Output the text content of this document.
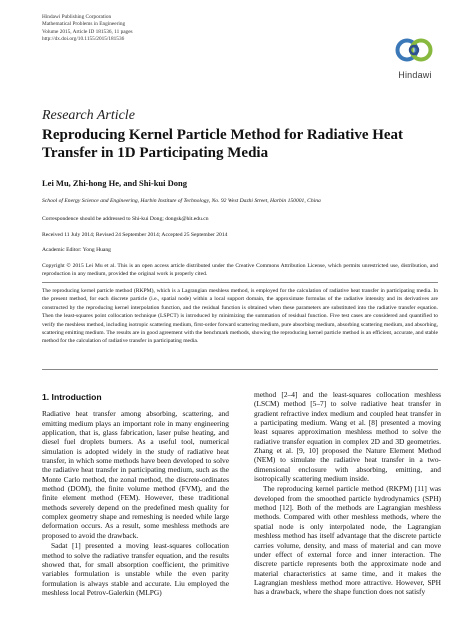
Hindawi Publishing Corporation
Mathematical Problems in Engineering
Volume 2015, Article ID 181536, 11 pages
http://dx.doi.org/10.1155/2015/181536
Hindawi
Research Article
Reproducing Kernel Particle Method for Radiative Heat
Transfer in 1D Participating Media
Lei Mu, Zhi-hong He, and Shi-kui Dong
School of Energy Science and Engineering, Harbin Institute of Technology, No. 92 West Dazhi Street, Harbin 150001, China
Correspondence should be addressed to Shi-kui Dong; dongsk@hit.edu.cn
Received 11 July 2014; Revised 24 September 2014; Accepted 25 September 2014
Academic Editor: Yong Huang
Copyright © 2015 Lei Mu et al. This is an open access article distributed under the Creative Commons Attribution License, which permits unrestricted use, distribution, and reproduction in any medium, provided the original work is properly cited.
The reproducing kernel particle method (RKPM), which is a Lagrangian meshless method, is employed for the calculation of radiative heat transfer in participating media. In the present method, for each discrete particle (i.e., spatial node) within a local support domain, the approximate formulas of the radiative intensity and its derivatives are constructed by the reproducing kernel interpolation function, and the residual function is obtained when these parameters are substituted into the radiative transfer equation. Then the least-squares point collocation technique (LSPCT) is introduced by minimizing the summation of residual function. Five test cases are considered and quantified to verify the meshless method, including isotropic scattering medium, first-order forward scattering medium, pure absorbing medium, absorbing scattering medium, and absorbing, scattering emitting medium. The results are in good agreement with the benchmark methods, showing the reproducing kernel particle method is an efficient, accurate, and stable method for the calculation of radiative transfer in participating media.
1. Introduction

Radiative heat transfer among absorbing, scattering, and emitting medium plays an important role in many engineering application, that is, glass fabrication, laser pulse heating, and diesel fuel droplets burners. As a useful tool, numerical simulation is adopted widely in the study of radiative heat transfer, in which some methods have been developed to solve the radiative heat transfer in participating medium, such as the Monte Carlo method, the zonal method, the discrete-ordinates method (DOM), the finite volume method (FVM), and the finite element method (FEM). However, these traditional methods severely depend on the predefined mesh quality for complex geometry shape and remeshing is needed while large deformation occurs. As a result, some meshless methods are proposed to avoid the drawback.

Sadat [1] presented a moving least-squares collocation method to solve the radiative transfer equation, and the results showed that, for small absorption coefficient, the primitive variables formulation is unstable while the even parity formulation is always stable and accurate. Liu employed the meshless local Petrov-Galerkin (MLPG)

method [2–4] and the least-squares collocation meshless (LSCM) method [5–7] to solve radiative heat transfer in gradient refractive index medium and coupled heat transfer in a participating medium. Wang et al. [8] presented a moving least squares approximation meshless method to solve the radiative transfer equation in complex 2D and 3D geometries. Zhang et al. [9, 10] proposed the Nature Element Method (NEM) to simulate the radiative heat transfer in a two-dimensional enclosure with absorbing, emitting, and isotropically scattering medium inside.

The reproducing kernel particle method (RKPM) [11] was developed from the smoothed particle hydrodynamics (SPH) method [12]. Both of the methods are Lagrangian meshless methods. Compared with other meshless methods, where the spatial node is only interpolated node, the Lagrangian meshless method has itself advantage that the discrete particle carries volume, density, and mass of material and can move under effect of external force and inner interaction. The discrete particle represents both the approximate node and material characteristics at same time, and it makes the Lagrangian meshless method more attractive. However, SPH has a drawback, where the shape function does not satisfy
